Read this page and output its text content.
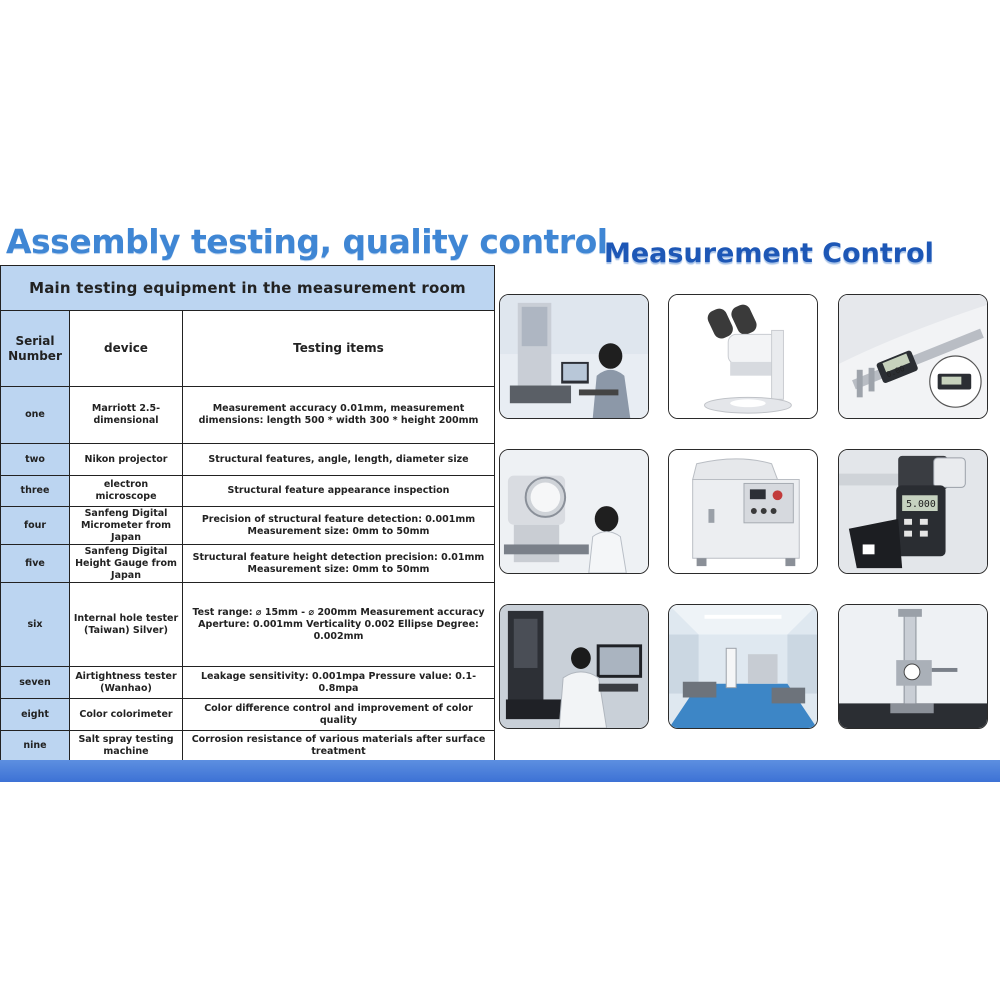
Assembly testing, quality control
Measurement Control
Main testing equipment in the measurement room		
Serial Number	device	Testing items
one	Marriott 2.5-dimensional	Measurement accuracy 0.01mm, measurement dimensions: length 500 * width 300 * height 200mm
two	Nikon projector	Structural features, angle, length, diameter size
three	electron microscope	Structural feature appearance inspection
four	Sanfeng Digital Micrometer from Japan	Precision of structural feature detection: 0.001mm Measurement size: 0mm to 50mm
five	Sanfeng Digital Height Gauge from Japan	Structural feature height detection precision: 0.01mm Measurement size: 0mm to 50mm
six	Internal hole tester (Taiwan) Silver)	Test range: ⌀ 15mm - ⌀ 200mm Measurement accuracy Aperture: 0.001mm Verticality 0.002 Ellipse Degree: 0.002mm
seven	Airtightness tester (Wanhao)	Leakage sensitivity: 0.001mpa Pressure value: 0.1-0.8mpa
eight	Color colorimeter	Color difference control and improvement of color quality
nine	Salt spray testing machine	Corrosion resistance of various materials after surface treatment
0.00
5.000
